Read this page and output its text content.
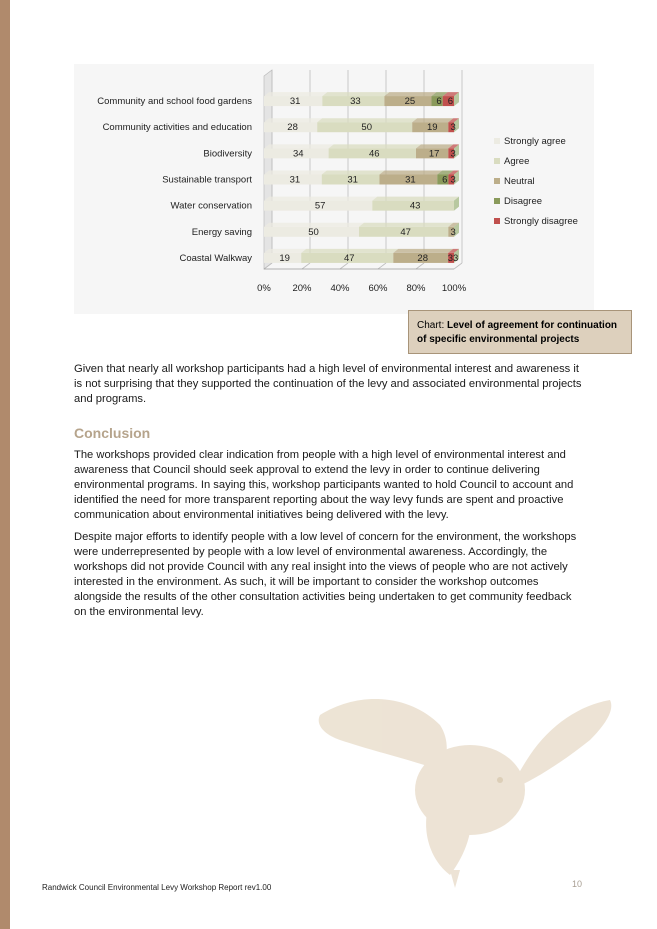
0% 20% 40% 60% 80% 100%
Community and school food gardens	31	33	25 6 6
Community activities and education	28	50	19 3
Biodiversity	34	46	17 3
Sustainable transport	31	31	31	6 3
Water conservation	57	43
Energy saving	50	47	3
Coastal Walkway	19	47	28 33
Strongly agree
Agree
Neutral
Disagree
Strongly disagree
Chart: Level of agreement for continuation of specific environmental projects

Given that nearly all workshop participants had a high level of environmental interest and awareness it is not surprising that they supported the continuation of the levy and associated environmental projects and programs.

Conclusion

The workshops provided clear indication from people with a high level of environmental interest and awareness that Council should seek approval to extend the levy in order to continue delivering environmental programs. In saying this, workshop participants wanted to hold Council to account and identified the need for more transparent reporting about the way levy funds are spent and proactive communication about environmental initiatives being delivered with the levy.

Despite major efforts to identify people with a low level of concern for the environment, the workshops were underrepresented by people with a low level of environmental awareness. Accordingly, the workshops did not provide Council with any real insight into the views of people who are not actively interested in the environment. As such, it will be important to consider the workshop outcomes alongside the results of the other consultation activities being undertaken to get community feedback on the environmental levy.

Randwick Council Environmental Levy Workshop Report rev1.00	10
